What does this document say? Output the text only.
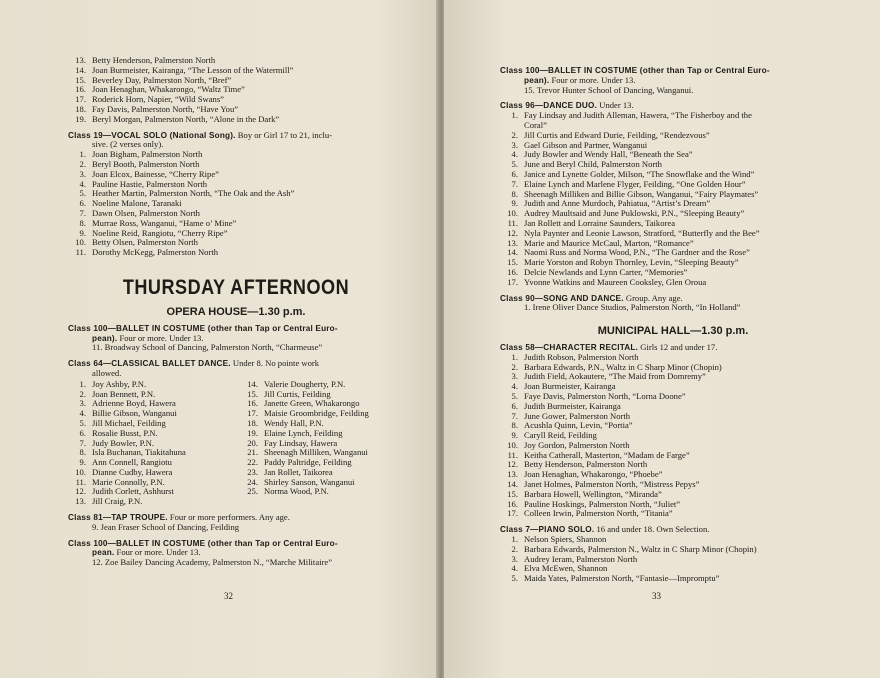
13. Betty Henderson, Palmerston North
14. Joan Burmeister, Kairanga, “The Lesson of the Watermill”
15. Beverley Day, Palmerston North, “Bref”
16. Joan Henaghan, Whakarongo, “Waltz Time”
17. Roderick Horn, Napier, “Wild Swans”
18. Fay Davis, Palmerston North, “Have You”
19. Beryl Morgan, Palmerston North, “Alone in the Dark”
Class 19—VOCAL SOLO (National Song). Boy or Girl 17 to 21, inclu-
sive. (2 verses only).
1. Joan Bigham, Palmerston North
2. Beryl Booth, Palmerston North
3. Joan Elcox, Bainesse, “Cherry Ripe”
4. Pauline Hastie, Palmerston North
5. Heather Martin, Palmerston North, “The Oak and the Ash”
6. Noeline Malone, Taranaki
7. Dawn Olsen, Palmerston North
8. Murrae Ross, Wanganui, “Hame o’ Mine”
9. Noeline Reid, Rangiotu, “Cherry Ripe”
10. Betty Olsen, Palmerston North
11. Dorothy McKegg, Palmerston North
THURSDAY AFTERNOON
OPERA HOUSE—1.30 p.m.
Class 100—BALLET IN COSTUME (other than Tap or Central Euro-
pean). Four or more. Under 13.
11. Broadway School of Dancing, Palmerston North, “Charmeuse”
Class 64—CLASSICAL BALLET DANCE. Under 8. No pointe work
allowed.
1. Joy Ashby, P.N.
2. Joan Bennett, P.N.
3. Adrienne Boyd, Hawera
4. Billie Gibson, Wanganui
5. Jill Michael, Feilding
6. Rosalie Busst, P.N.
7. Judy Bowler, P.N.
8. Isla Buchanan, Tiakitahuna
9. Ann Connell, Rangiotu
10. Dianne Cudby, Hawera
11. Marie Connolly, P.N.
12. Judith Corlett, Ashhurst
13. Jill Craig, P.N.
14. Valerie Dougherty, P.N.
15. Jill Curtis, Feilding
16. Janette Green, Whakarongo
17. Maisie Groombridge, Feilding
18. Wendy Hall, P.N.
19. Elaine Lynch, Feilding
20. Fay Lindsay, Hawera
21. Sheenagh Milliken, Wanganui
22. Paddy Paltridge, Feilding
23. Jan Rollet, Taikorea
24. Shirley Sanson, Wanganui
25. Norma Wood, P.N.
Class 81—TAP TROUPE. Four or more performers. Any age.
9. Jean Fraser School of Dancing, Feilding
Class 100—BALLET IN COSTUME (other than Tap or Central Euro-
pean. Four or more. Under 13.
12. Zoe Bailey Dancing Academy, Palmerston N., “Marche Militaire”
32
Class 100—BALLET IN COSTUME (other than Tap or Central Euro-
pean). Four or more. Under 13.
15. Trevor Hunter School of Dancing, Wanganui.
Class 96—DANCE DUO. Under 13.
1. Fay Lindsay and Judith Alleman, Hawera, “The Fisherboy and the
Coral”
2. Jill Curtis and Edward Durie, Feilding, “Rendezvous”
3. Gael Gibson and Partner, Wanganui
4. Judy Bowler and Wendy Hall, “Beneath the Sea”
5. June and Beryl Child, Palmerston North
6. Janice and Lynette Golder, Milson, “The Snowflake and the Wind”
7. Elaine Lynch and Marlene Flyger, Feilding, “One Golden Hour”
8. Sheenagh Milliken and Billie Gibson, Wanganui, “Fairy Playmates”
9. Judith and Anne Murdoch, Pahiatua, “Artist’s Dream”
10. Audrey Maultsaid and June Puklowski, P.N., “Sleeping Beauty”
11. Jan Rollett and Lorraine Saunders, Taikorea
12. Nyla Paynter and Leonie Lawson, Stratford, “Butterfly and the Bee”
13. Marie and Maurice McCaul, Marton, “Romance”
14. Naomi Russ and Norma Wood, P.N., “The Gardner and the Rose”
15. Marie Yorston and Robyn Thornley, Levin, “Sleeping Beauty”
16. Delcie Newlands and Lynn Carter, “Memories”
17. Yvonne Watkins and Maureen Cooksley, Glen Oroua
Class 90—SONG AND DANCE. Group. Any age.
1. Irene Oliver Dance Studios, Palmerston North, “In Holland”
MUNICIPAL HALL—1.30 p.m.
Class 58—CHARACTER RECITAL. Girls 12 and under 17.
1. Judith Robson, Palmerston North
2. Barbara Edwards, P.N., Waltz in C Sharp Minor (Chopin)
3. Judith Field, Aokautere, “The Maid from Domremy”
4. Joan Burmeister, Kairanga
5. Faye Davis, Palmerston North, “Lorna Doone”
6. Judith Burmeister, Kairanga
7. June Gower, Palmerston North
8. Acushla Quinn, Levin, “Portia”
9. Caryll Reid, Feilding
10. Joy Gordon, Palmerston North
11. Keitha Catherall, Masterton, “Madam de Farge”
12. Betty Henderson, Palmerston North
13. Joan Henaghan, Whakarongo, “Phoebe”
14. Janet Holmes, Palmerston North, “Mistress Pepys”
15. Barbara Howell, Wellington, “Miranda”
16. Pauline Hoskings, Palmerston North, “Juliet”
17. Colleen Irwin, Palmerston North, “Titania”
Class 7—PIANO SOLO. 16 and under 18. Own Selection.
1. Nelson Spiers, Shannon
2. Barbara Edwards, Palmerston N., Waltz in C Sharp Minor (Chopin)
3. Audrey Ieram, Palmerston North
4. Elva McEwen, Shannon
5. Maida Yates, Palmerston North, “Fantasie—Impromptu”
33
